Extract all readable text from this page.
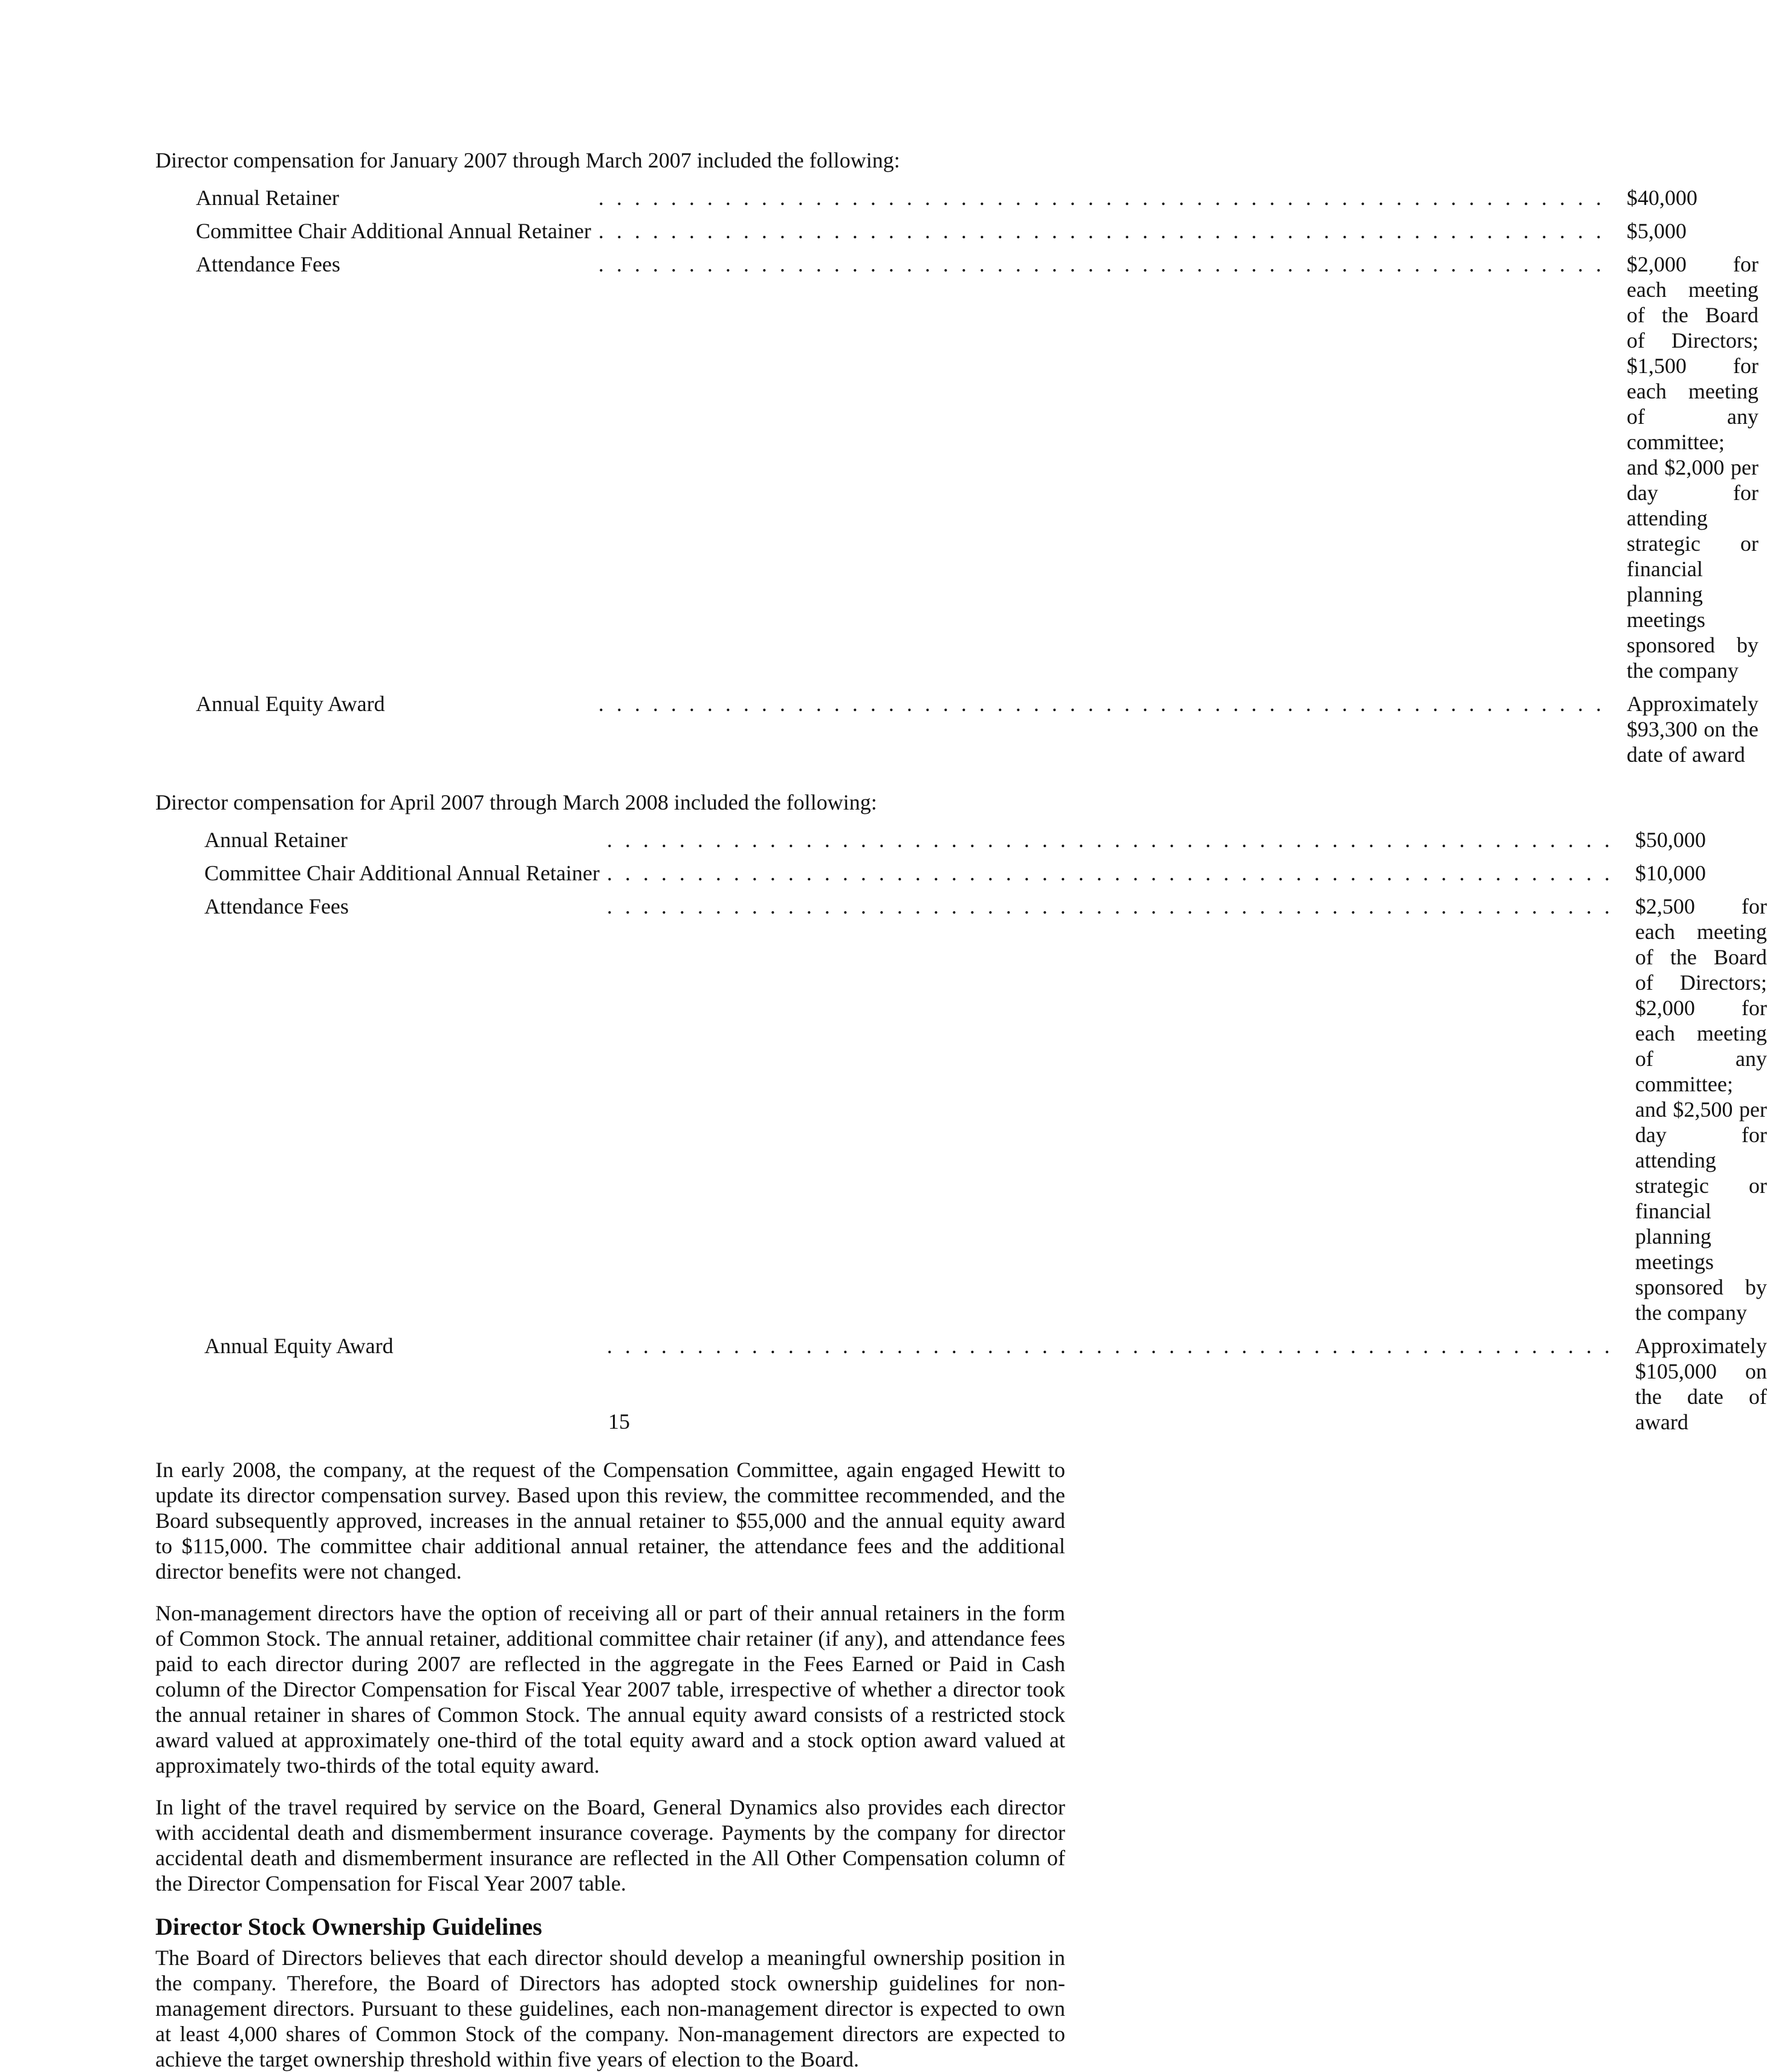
Director compensation for January 2007 through March 2007 included the following:

Annual Retainer . . . . . . . . . . . . . . . . . . . . . . . . . . . . . . . . . . . . . . . . . . . . . . . . . . . . . . . .	$40,000

Committee Chair Additional Annual Retainer . . . . . . . . . . . . . . . . . . . . . . . . . . . . . . . . . . . . . . . . . . . . . . . . . . . . . . . .	$5,000

Attendance Fees . . . . . . . . . . . . . . . . . . . . . . . . . . . . . . . . . . . . . . . . . . . . . . . . . . . . . . . .	$2,000 for each meeting of the Board of Directors; $1,500 for each meeting of any committee; and $2,000 per day for attending strategic or financial planning meetings sponsored by the company

Annual Equity Award . . . . . . . . . . . . . . . . . . . . . . . . . . . . . . . . . . . . . . . . . . . . . . . . . . . . . . . .	Approximately $93,300 on the date of award

Director compensation for April 2007 through March 2008 included the following:

Annual Retainer . . . . . . . . . . . . . . . . . . . . . . . . . . . . . . . . . . . . . . . . . . . . . . . . . . . . . . . .	$50,000

Committee Chair Additional Annual Retainer . . . . . . . . . . . . . . . . . . . . . . . . . . . . . . . . . . . . . . . . . . . . . . . . . . . . . . . .	$10,000

Attendance Fees . . . . . . . . . . . . . . . . . . . . . . . . . . . . . . . . . . . . . . . . . . . . . . . . . . . . . . . .	$2,500 for each meeting of the Board of Directors; $2,000 for each meeting of any committee; and $2,500 per day for attending strategic or financial planning meetings sponsored by the company

Annual Equity Award . . . . . . . . . . . . . . . . . . . . . . . . . . . . . . . . . . . . . . . . . . . . . . . . . . . . . . . .	Approximately $105,000 on the date of award

In early 2008, the company, at the request of the Compensation Committee, again engaged Hewitt to update its director compensation survey. Based upon this review, the committee recommended, and the Board subsequently approved, increases in the annual retainer to $55,000 and the annual equity award to $115,000. The committee chair additional annual retainer, the attendance fees and the additional director benefits were not changed.

Non-management directors have the option of receiving all or part of their annual retainers in the form of Common Stock. The annual retainer, additional committee chair retainer (if any), and attendance fees paid to each director during 2007 are reflected in the aggregate in the Fees Earned or Paid in Cash column of the Director Compensation for Fiscal Year 2007 table, irrespective of whether a director took the annual retainer in shares of Common Stock. The annual equity award consists of a restricted stock award valued at approximately one-third of the total equity award and a stock option award valued at approximately two-thirds of the total equity award.

In light of the travel required by service on the Board, General Dynamics also provides each director with accidental death and dismemberment insurance coverage. Payments by the company for director accidental death and dismemberment insurance are reflected in the All Other Compensation column of the Director Compensation for Fiscal Year 2007 table.

Director Stock Ownership Guidelines

The Board of Directors believes that each director should develop a meaningful ownership position in the company. Therefore, the Board of Directors has adopted stock ownership guidelines for non-management directors. Pursuant to these guidelines, each non-management director is expected to own at least 4,000 shares of Common Stock of the company. Non-management directors are expected to achieve the target ownership threshold within five years of election to the Board.

15
